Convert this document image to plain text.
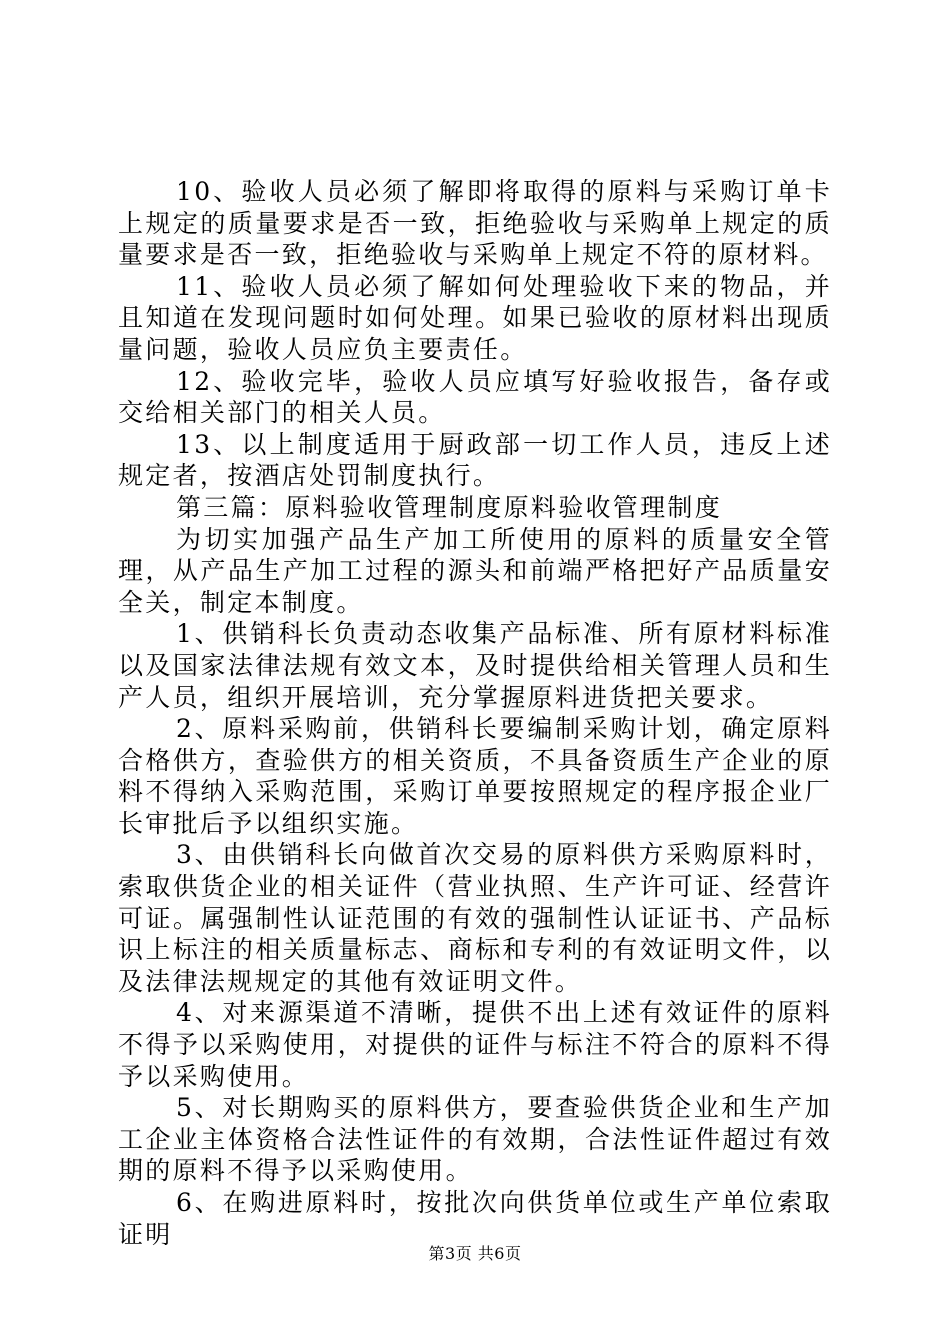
10、验收人员必须了解即将取得的原料与采购订单卡上规定的质量要求是否一致，拒绝验收与采购单上规定的质量要求是否一致，拒绝验收与采购单上规定不符的原材料。

11、验收人员必须了解如何处理验收下来的物品，并且知道在发现问题时如何处理。如果已验收的原材料出现质量问题，验收人员应负主要责任。

12、验收完毕，验收人员应填写好验收报告，备存或交给相关部门的相关人员。

13、以上制度适用于厨政部一切工作人员，违反上述规定者，按酒店处罚制度执行。

第三篇：原料验收管理制度原料验收管理制度

为切实加强产品生产加工所使用的原料的质量安全管理，从产品生产加工过程的源头和前端严格把好产品质量安全关，制定本制度。

1、供销科长负责动态收集产品标准、所有原材料标准以及国家法律法规有效文本，及时提供给相关管理人员和生产人员，组织开展培训，充分掌握原料进货把关要求。

2、原料采购前，供销科长要编制采购计划，确定原料合格供方，查验供方的相关资质，不具备资质生产企业的原料不得纳入采购范围，采购订单要按照规定的程序报企业厂长审批后予以组织实施。

3、由供销科长向做首次交易的原料供方采购原料时，索取供货企业的相关证件（营业执照、生产许可证、经营许可证。属强制性认证范围的有效的强制性认证证书、产品标识上标注的相关质量标志、商标和专利的有效证明文件，以及法律法规规定的其他有效证明文件。

4、对来源渠道不清晰，提供不出上述有效证件的原料不得予以采购使用，对提供的证件与标注不符合的原料不得予以采购使用。

5、对长期购买的原料供方，要查验供货企业和生产加工企业主体资格合法性证件的有效期，合法性证件超过有效期的原料不得予以采购使用。

6、在购进原料时，按批次向供货单位或生产单位索取证明

第3页 共6页
